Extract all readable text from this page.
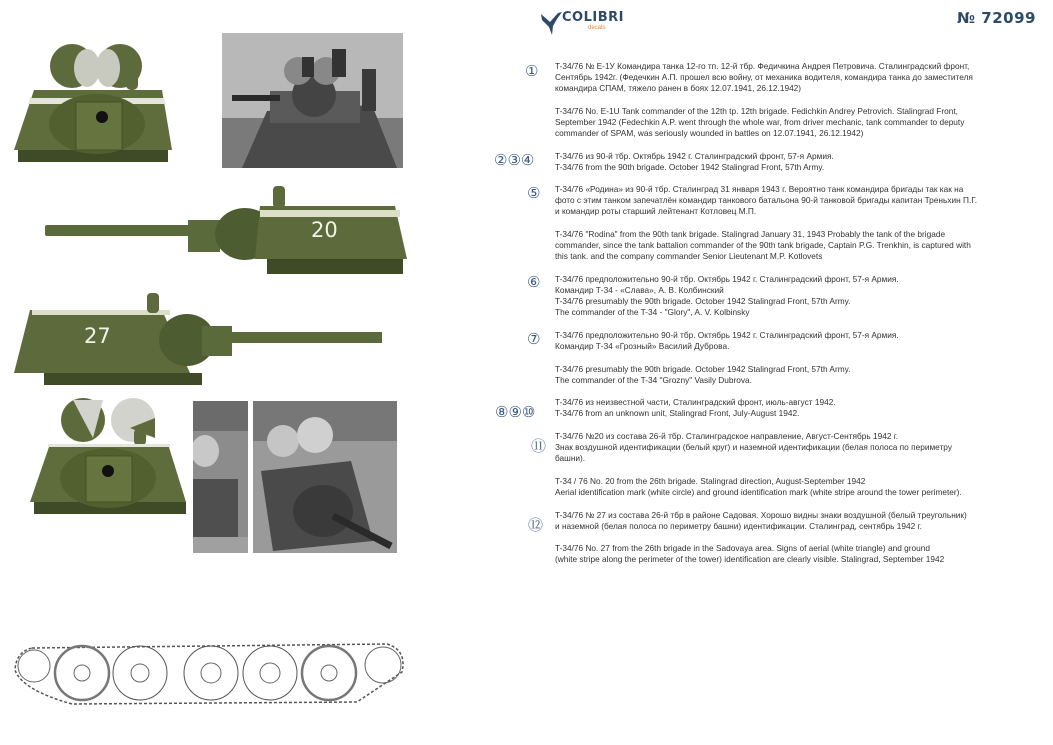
COLIBRI
decals
№ 72099
20
27
① T-34/76 № Е-1У Командира танка 12-го тп. 12-й тбр. Федичкина Андрея Петровича. Сталинградский фронт,

Сентябрь 1942г. (Федечкин А.П. прошел всю войну, от механика водителя, командира танка до заместителя

командира СПАМ, тяжело ранен в боях 12.07.1941, 26.12.1942)

T-34/76 No. E-1U Tank commander of the 12th tp. 12th brigade. Fedichkin Andrey Petrovich. Stalingrad Front,

September 1942 (Fedechkin A.P. went through the whole war, from driver mechanic, tank commander to deputy

commander of SPAM, was seriously wounded in battles on 12.07.1941, 26.12.1942)

②③④ T-34/76 из 90-й тбр. Октябрь 1942 г. Сталинградский фронт, 57-я Армия.

T-34/76 from the 90th brigade. October 1942 Stalingrad Front, 57th Army.

⑤ T-34/76 «Родина» из 90-й тбр. Сталинград 31 января 1943 г. Вероятно танк командира бригады так как на

фото с этим танком запечатлён командир танкового батальона 90-й танковой бригады капитан Треньхин П.Г.

и командир роты старший лейтенант Котловец М.П.

T-34/76 "Rodina" from the 90th tank brigade. Stalingrad January 31, 1943 Probably the tank of the brigade

commander, since the tank battalion commander of the 90th tank brigade, Captain P.G. Trenkhin, is captured with

this tank. and the company commander Senior Lieutenant M.P. Kotlovets

⑥ T-34/76 предположительно 90-й тбр. Октябрь 1942 г. Сталинградский фронт, 57-я Армия.

Командир Т-34 - «Слава», А. В. Колбинский

T-34/76 presumably the 90th brigade. October 1942 Stalingrad Front, 57th Army.

The commander of the T-34 - "Glory", A. V. Kolbinsky

⑦ T-34/76 предположительно 90-й тбр. Октябрь 1942 г. Сталинградский фронт, 57-я Армия.

Командир Т-34 «Грозный» Василий Дуброва.

T-34/76 presumably the 90th brigade. October 1942 Stalingrad Front, 57th Army.

The commander of the T-34 "Grozny" Vasily Dubrova.

⑧⑨⑩

T-34/76 из неизвестной части, Сталинградский фронт, июль-август 1942.

T-34/76 from an unknown unit, Stalingrad Front, July-August 1942.

⑪

T-34/76 №20 из состава 26-й тбр. Сталинградское направление, Август-Сентябрь 1942 г.

Знак воздушной идентификации (белый круг) и наземной идентификации (белая полоса по периметру

башни).

T-34 / 76 No. 20 from the 26th brigade. Stalingrad direction, August-September 1942

Aerial identification mark (white circle) and ground identification mark (white stripe around the tower perimeter).

⑫

T-34/76 № 27 из состава 26-й тбр в районе Садовая. Хорошо видны знаки воздушной (белый треугольник)

и наземной (белая полоса по периметру башни) идентификации. Сталинград, сентябрь 1942 г.

T-34/76 No. 27 from the 26th brigade in the Sadovaya area. Signs of aerial (white triangle) and ground

(white stripe along the perimeter of the tower) identification are clearly visible. Stalingrad, September 1942
